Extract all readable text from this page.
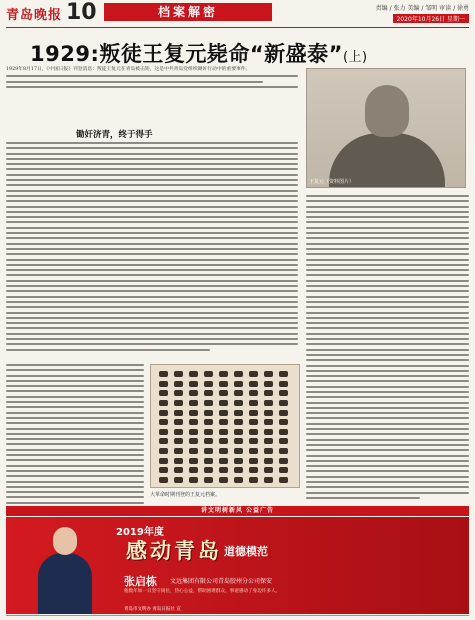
青岛晚报 10	档案解密	责编 / 张力 美编 / 邹明 审读 / 徐勇
2020年10月26日 星期一
1929:叛徒王复元毙命“新盛泰”(上)

1929年8月17日，《中国日报》刊登消息：叛徒王复元在青岛被击毙，这是中共青岛党组织锄奸行动中的重要事件。

锄奸济青，终于得手
王复元（资料图片）
大革命时期刊登的王复元档案。
讲文明树新风 公益广告
2019年度
感动青岛 道德模范
张启栋 文远集团有限公司青岛胶州分公司保安
他数年如一日坚守岗位，热心公益，帮助困难群众，事迹感动了身边许多人。
青岛市文明办 青岛日报社 宣
